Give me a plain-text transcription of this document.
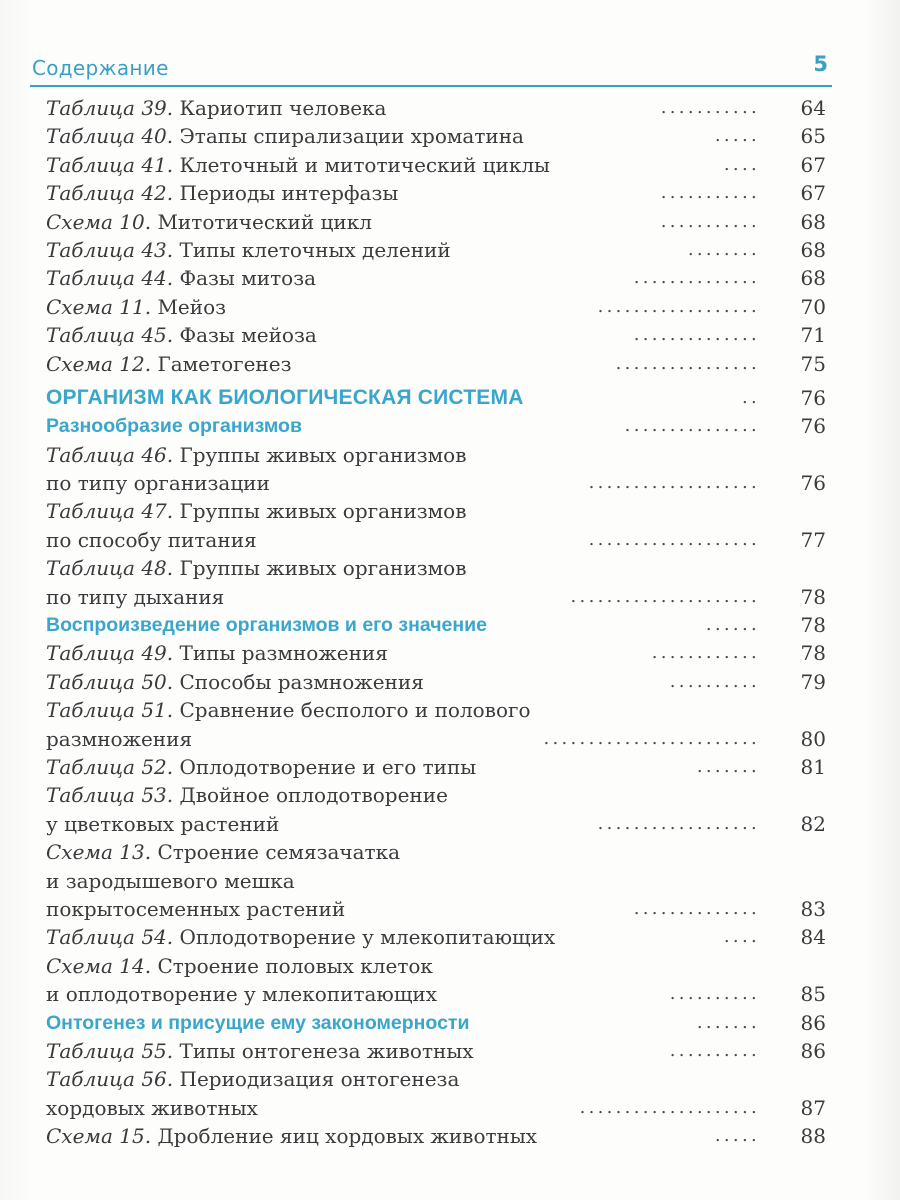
Содержание	5
Таблица 39. Кариотип человека	........... 64
Таблица 40. Этапы спирализации хроматина	..... 65
Таблица 41. Клеточный и митотический циклы	.... 67
Таблица 42. Периоды интерфазы	........... 67
Схема 10. Митотический цикл	........... 68
Таблица 43. Типы клеточных делений	........ 68
Таблица 44. Фазы митоза	.............. 68
Схема 11. Мейоз	.................. 70
Таблица 45. Фазы мейоза	.............. 71
Схема 12. Гаметогенез	................ 75
ОРГАНИЗМ КАК БИОЛОГИЧЕСКАЯ СИСТЕМА	.. 76
Разнообразие организмов	............... 76
Таблица 46. Группы живых организмов
по типу организации	................... 76
Таблица 47. Группы живых организмов
по способу питания	................... 77
Таблица 48. Группы живых организмов
по типу дыхания	..................... 78
Воспроизведение организмов и его значение	...... 78
Таблица 49. Типы размножения	............ 78
Таблица 50. Способы размножения	.......... 79
Таблица 51. Сравнение бесполого и полового
размножения	........................ 80
Таблица 52. Оплодотворение и его типы	....... 81
Таблица 53. Двойное оплодотворение
у цветковых растений	.................. 82
Схема 13. Строение семязачатка
и зародышевого мешка
покрытосеменных растений	.............. 83
Таблица 54. Оплодотворение у млекопитающих	.... 84
Схема 14. Строение половых клеток
и оплодотворение у млекопитающих	.......... 85
Онтогенез и присущие ему закономерности	....... 86
Таблица 55. Типы онтогенеза животных	.......... 86
Таблица 56. Периодизация онтогенеза
хордовых животных	.................... 87
Схема 15. Дробление яиц хордовых животных	..... 88
